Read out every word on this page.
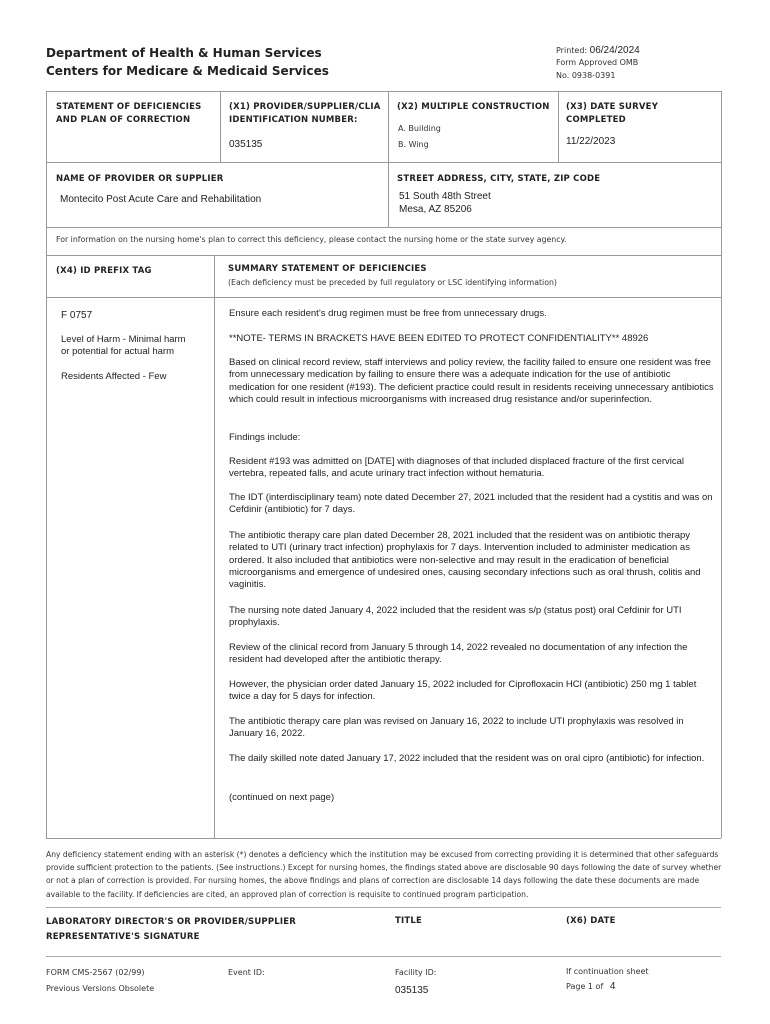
Department of Health & Human Services
Centers for Medicare & Medicaid Services
Printed: 06/24/2024
Form Approved OMB
No. 0938-0391
STATEMENT OF DEFICIENCIES
AND PLAN OF CORRECTION
(X1) PROVIDER/SUPPLIER/CLIA
IDENTIFICATION NUMBER:
035135
(X2) MULTIPLE CONSTRUCTION
A. Building
B. Wing
(X3) DATE SURVEY
COMPLETED
11/22/2023
NAME OF PROVIDER OR SUPPLIER
Montecito Post Acute Care and Rehabilitation
STREET ADDRESS, CITY, STATE, ZIP CODE
51 South 48th Street
Mesa, AZ 85206
For information on the nursing home's plan to correct this deficiency, please contact the nursing home or the state survey agency.
(X4) ID PREFIX TAG	SUMMARY STATEMENT OF DEFICIENCIES
(Each deficiency must be preceded by full regulatory or LSC identifying information)
F 0757
Level of Harm - Minimal harm
or potential for actual harm
Residents Affected - Few

Ensure each resident’s drug regimen must be free from unnecessary drugs.

**NOTE- TERMS IN BRACKETS HAVE BEEN EDITED TO PROTECT CONFIDENTIALITY** 48926

Based on clinical record review, staff interviews and policy review, the facility failed to ensure one resident was free from unnecessary medication by failing to ensure there was a adequate indication for the use of antibiotic medication for one resident (#193). The deficient practice could result in residents receiving unnecessary antibiotics which could result in infectious microorganisms with increased drug resistance and/or superinfection.

Findings include:

Resident #193 was admitted on [DATE] with diagnoses of that included displaced fracture of the first cervical vertebra, repeated falls, and acute urinary tract infection without hematuria.

The IDT (interdisciplinary team) note dated December 27, 2021 included that the resident had a cystitis and was on Cefdinir (antibiotic) for 7 days.

The antibiotic therapy care plan dated December 28, 2021 included that the resident was on antibiotic therapy related to UTI (urinary tract infection) prophylaxis for 7 days. Intervention included to administer medication as ordered. It also included that antibiotics were non-selective and may result in the eradication of beneficial microorganisms and emergence of undesired ones, causing secondary infections such as oral thrush, colitis and vaginitis.

The nursing note dated January 4, 2022 included that the resident was s/p (status post) oral Cefdinir for UTI prophylaxis.

Review of the clinical record from January 5 through 14, 2022 revealed no documentation of any infection the resident had developed after the antibiotic therapy.

However, the physician order dated January 15, 2022 included for Ciprofloxacin HCl (antibiotic) 250 mg 1 tablet twice a day for 5 days for infection.

The antibiotic therapy care plan was revised on January 16, 2022 to include UTI prophylaxis was resolved in January 16, 2022.

The daily skilled note dated January 17, 2022 included that the resident was on oral cipro (antibiotic) for infection.

(continued on next page)

Any deficiency statement ending with an asterisk (*) denotes a deficiency which the institution may be excused from correcting providing it is determined that other safeguards provide sufficient protection to the patients. (See instructions.) Except for nursing homes, the findings stated above are disclosable 90 days following the date of survey whether or not a plan of correction is provided. For nursing homes, the above findings and plans of correction are disclosable 14 days following the date these documents are made available to the facility. If deficiencies are cited, an approved plan of correction is requisite to continued program participation.
LABORATORY DIRECTOR'S OR PROVIDER/SUPPLIER
REPRESENTATIVE'S SIGNATURE
TITLE	(X6) DATE
FORM CMS-2567 (02/99)
Previous Versions Obsolete
Event ID:	Facility ID:
035135
If continuation sheet
Page 1 of 4
